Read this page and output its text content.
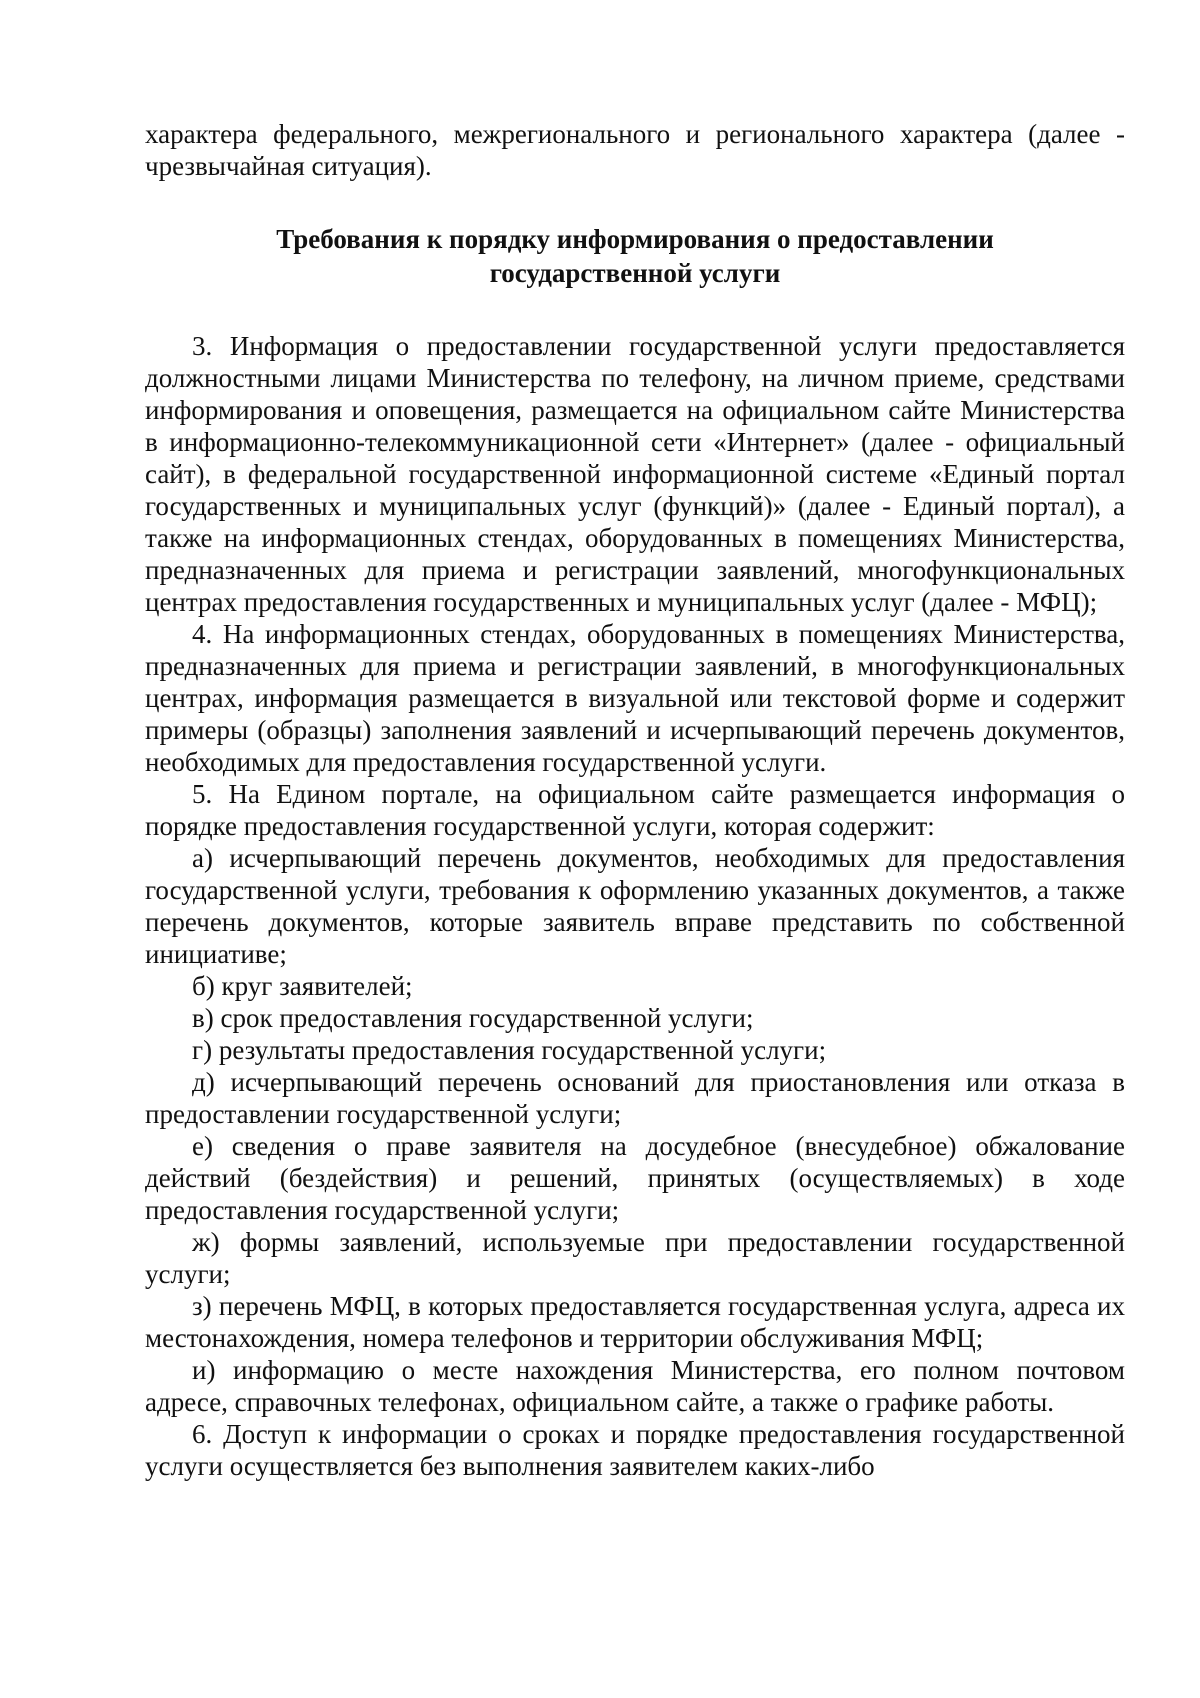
характера федерального, межрегионального и регионального характера (далее - чрезвычайная ситуация).

Требования к порядку информирования о предоставлении
государственной услуги

3. Информация о предоставлении государственной услуги предоставляется должностными лицами Министерства по телефону, на личном приеме, средствами информирования и оповещения, размещается на официальном сайте Министерства в информационно-телекоммуникационной сети «Интернет» (далее - официальный сайт), в федеральной государственной информационной системе «Единый портал государственных и муниципальных услуг (функций)» (далее - Единый портал), а также на информационных стендах, оборудованных в помещениях Министерства, предназначенных для приема и регистрации заявлений, многофункциональных центрах предоставления государственных и муниципальных услуг (далее - МФЦ);

4. На информационных стендах, оборудованных в помещениях Министерства, предназначенных для приема и регистрации заявлений, в многофункциональных центрах, информация размещается в визуальной или текстовой форме и содержит примеры (образцы) заполнения заявлений и исчерпывающий перечень документов, необходимых для предоставления государственной услуги.

5. На Едином портале, на официальном сайте размещается информация о порядке предоставления государственной услуги, которая содержит:

а) исчерпывающий перечень документов, необходимых для предоставления государственной услуги, требования к оформлению указанных документов, а также перечень документов, которые заявитель вправе представить по собственной инициативе;

б) круг заявителей;

в) срок предоставления государственной услуги;

г) результаты предоставления государственной услуги;

д) исчерпывающий перечень оснований для приостановления или отказа в предоставлении государственной услуги;

е) сведения о праве заявителя на досудебное (внесудебное) обжалование действий (бездействия) и решений, принятых (осуществляемых) в ходе предоставления государственной услуги;

ж) формы заявлений, используемые при предоставлении государственной услуги;

з) перечень МФЦ, в которых предоставляется государственная услуга, адреса их местонахождения, номера телефонов и территории обслуживания МФЦ;

и) информацию о месте нахождения Министерства, его полном почтовом адресе, справочных телефонах, официальном сайте, а также о графике работы.

6. Доступ к информации о сроках и порядке предоставления государственной услуги осуществляется без выполнения заявителем каких-либо
